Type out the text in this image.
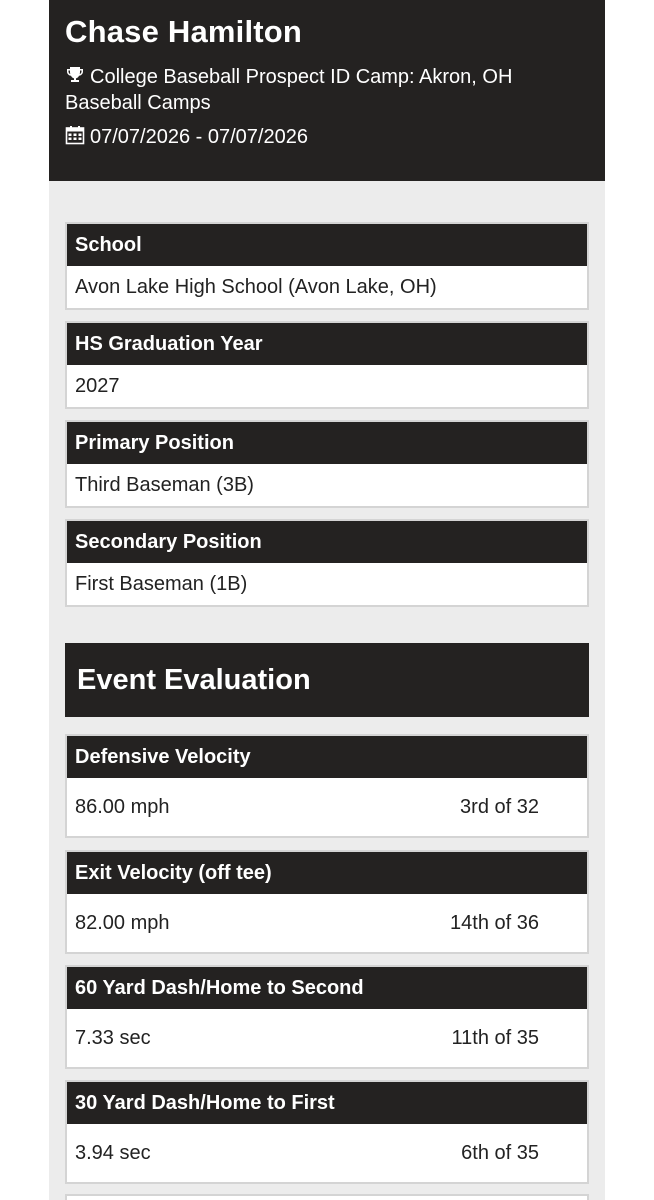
Chase Hamilton
College Baseball Prospect ID Camp: Akron, OH
Baseball Camps
07/07/2026 - 07/07/2026
School
Avon Lake High School (Avon Lake, OH)
HS Graduation Year
2027
Primary Position
Third Baseman (3B)
Secondary Position
First Baseman (1B)
Event Evaluation
Defensive Velocity
86.00 mph	3rd of 32
Exit Velocity (off tee)
82.00 mph	14th of 36
60 Yard Dash/Home to Second
7.33 sec	11th of 35
30 Yard Dash/Home to First
3.94 sec	6th of 35
